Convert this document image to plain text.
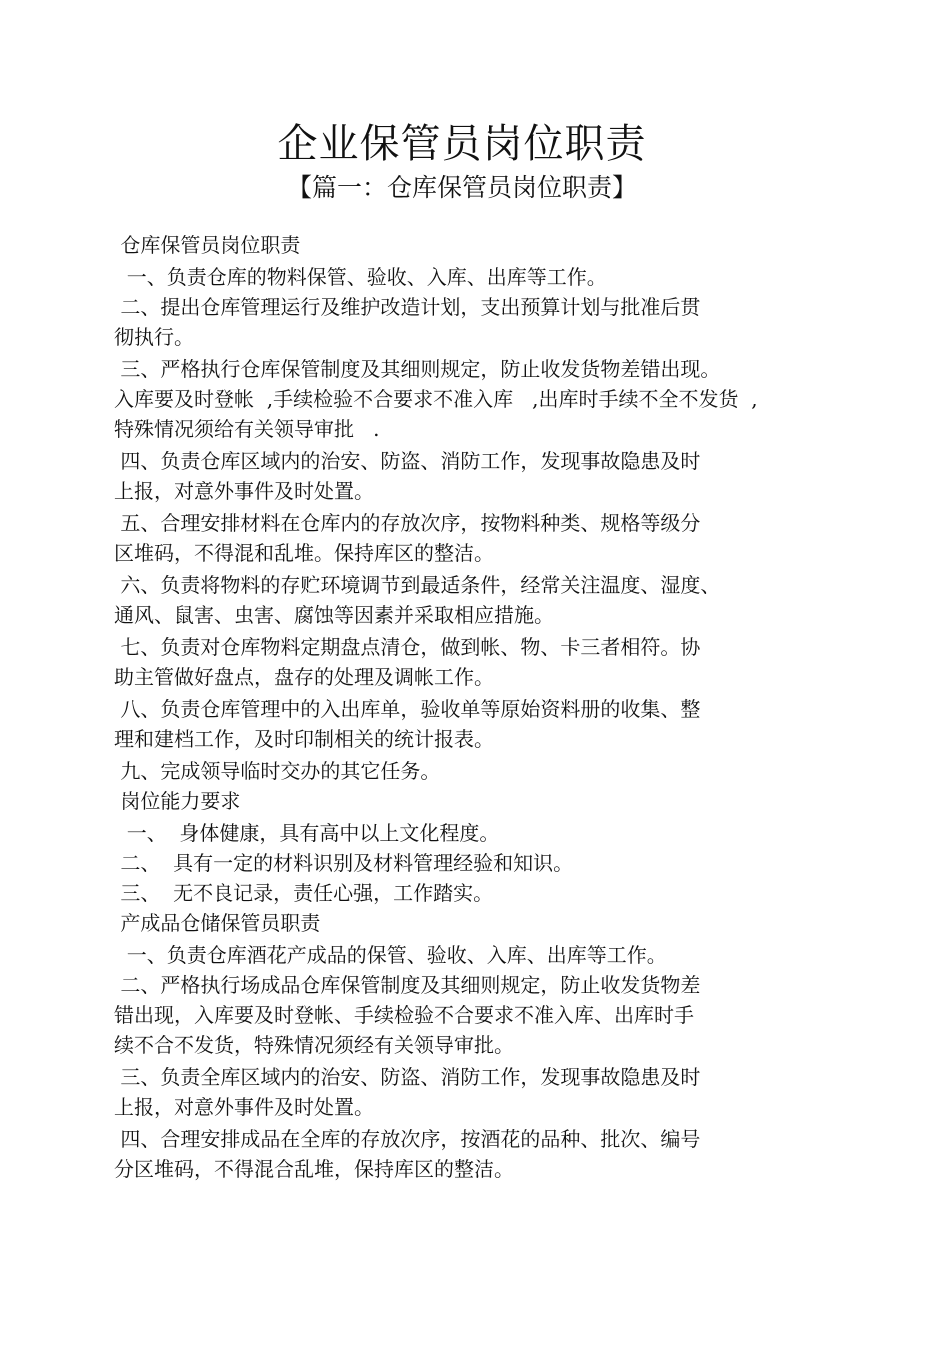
企业保管员岗位职责
【篇一：仓库保管员岗位职责】
仓库保管员岗位职责
一、负责仓库的物料保管、验收、入库、出库等工作。
二、提出仓库管理运行及维护改造计划，支出预算计划与批准后贯
彻执行。
三、严格执行仓库保管制度及其细则规定，防止收发货物差错出现。
入库要及时登帐  ,手续检验不合要求不准入库   ,出库时手续不全不发货  ,
特殊情况须给有关领导审批   .
四、负责仓库区域内的治安、防盗、消防工作，发现事故隐患及时
上报，对意外事件及时处置。
五、合理安排材料在仓库内的存放次序，按物料种类、规格等级分
区堆码，不得混和乱堆。保持库区的整洁。
六、负责将物料的存贮环境调节到最适条件，经常关注温度、湿度、
通风、鼠害、虫害、腐蚀等因素并采取相应措施。
七、负责对仓库物料定期盘点清仓，做到帐、物、卡三者相符。协
助主管做好盘点，盘存的处理及调帐工作。
八、负责仓库管理中的入出库单，验收单等原始资料册的收集、整
理和建档工作，及时印制相关的统计报表。
九、完成领导临时交办的其它任务。
岗位能力要求
一、  身体健康，具有高中以上文化程度。
二、  具有一定的材料识别及材料管理经验和知识。
三、  无不良记录，责任心强，工作踏实。
产成品仓储保管员职责
一、负责仓库酒花产成品的保管、验收、入库、出库等工作。
二、严格执行场成品仓库保管制度及其细则规定，防止收发货物差
错出现，入库要及时登帐、手续检验不合要求不准入库、出库时手
续不合不发货，特殊情况须经有关领导审批。
三、负责全库区域内的治安、防盗、消防工作，发现事故隐患及时
上报，对意外事件及时处置。
四、合理安排成品在全库的存放次序，按酒花的品种、批次、编号
分区堆码，不得混合乱堆，保持库区的整洁。
